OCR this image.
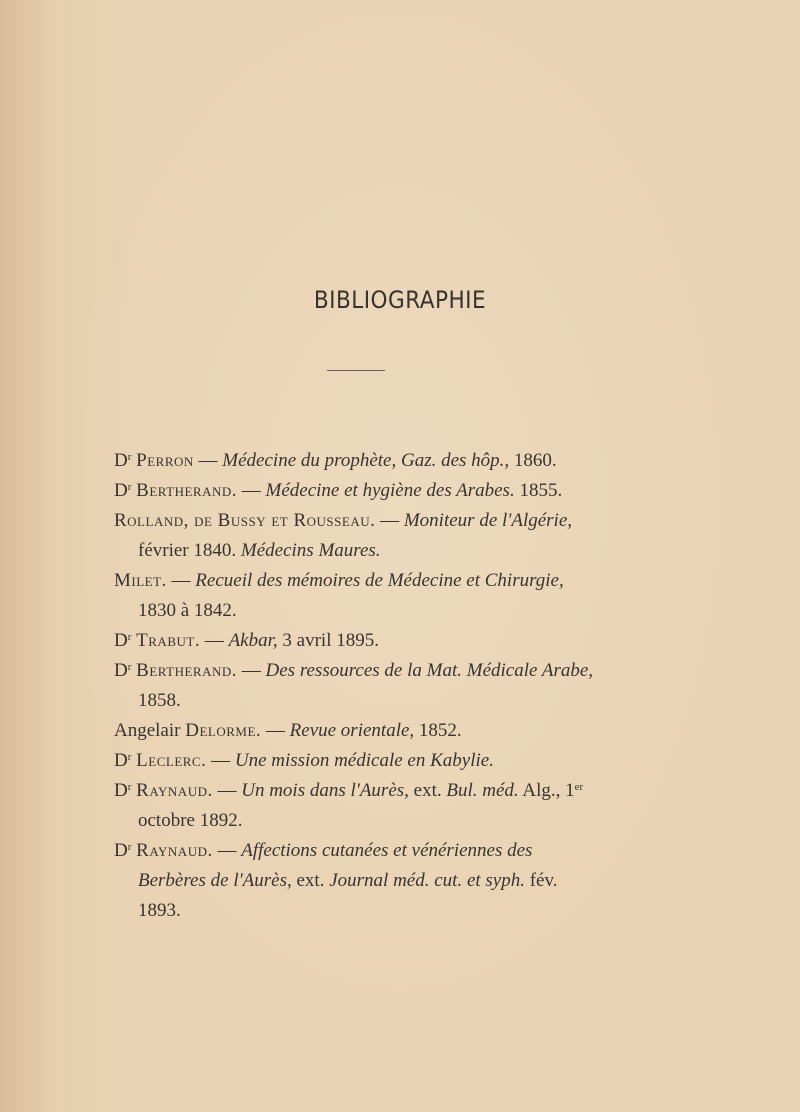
BIBLIOGRAPHIE
$D^r$ Perron — Médecine du prophète, Gaz. des hôp., 1860.
$D^r$ Bertherand. — Médecine et hygiène des Arabes. 1855.
Rolland, de Bussy et Rousseau. — Moniteur de l'Algérie, février 1840. Médecins Maures.
Milet. — Recueil des mémoires de Médecine et Chirurgie, 1830 à 1842.
$D^r$ Trabut. — Akbar, 3 avril 1895.
$D^r$ Bertherand. — Des ressources de la Mat. Médicale Arabe, 1858.
Angelair Delorme. — Revue orientale, 1852.
$D^r$ Leclerc. — Une mission médicale en Kabylie.
$D^r$ Raynaud. — Un mois dans l'Aurès, ext. Bul. méd. Alg., 1er octobre 1892.
$D^r$ Raynaud. — Affections cutanées et vénériennes des Berbères de l'Aurès, ext. Journal méd. cut. et syph. fév. 1893.
